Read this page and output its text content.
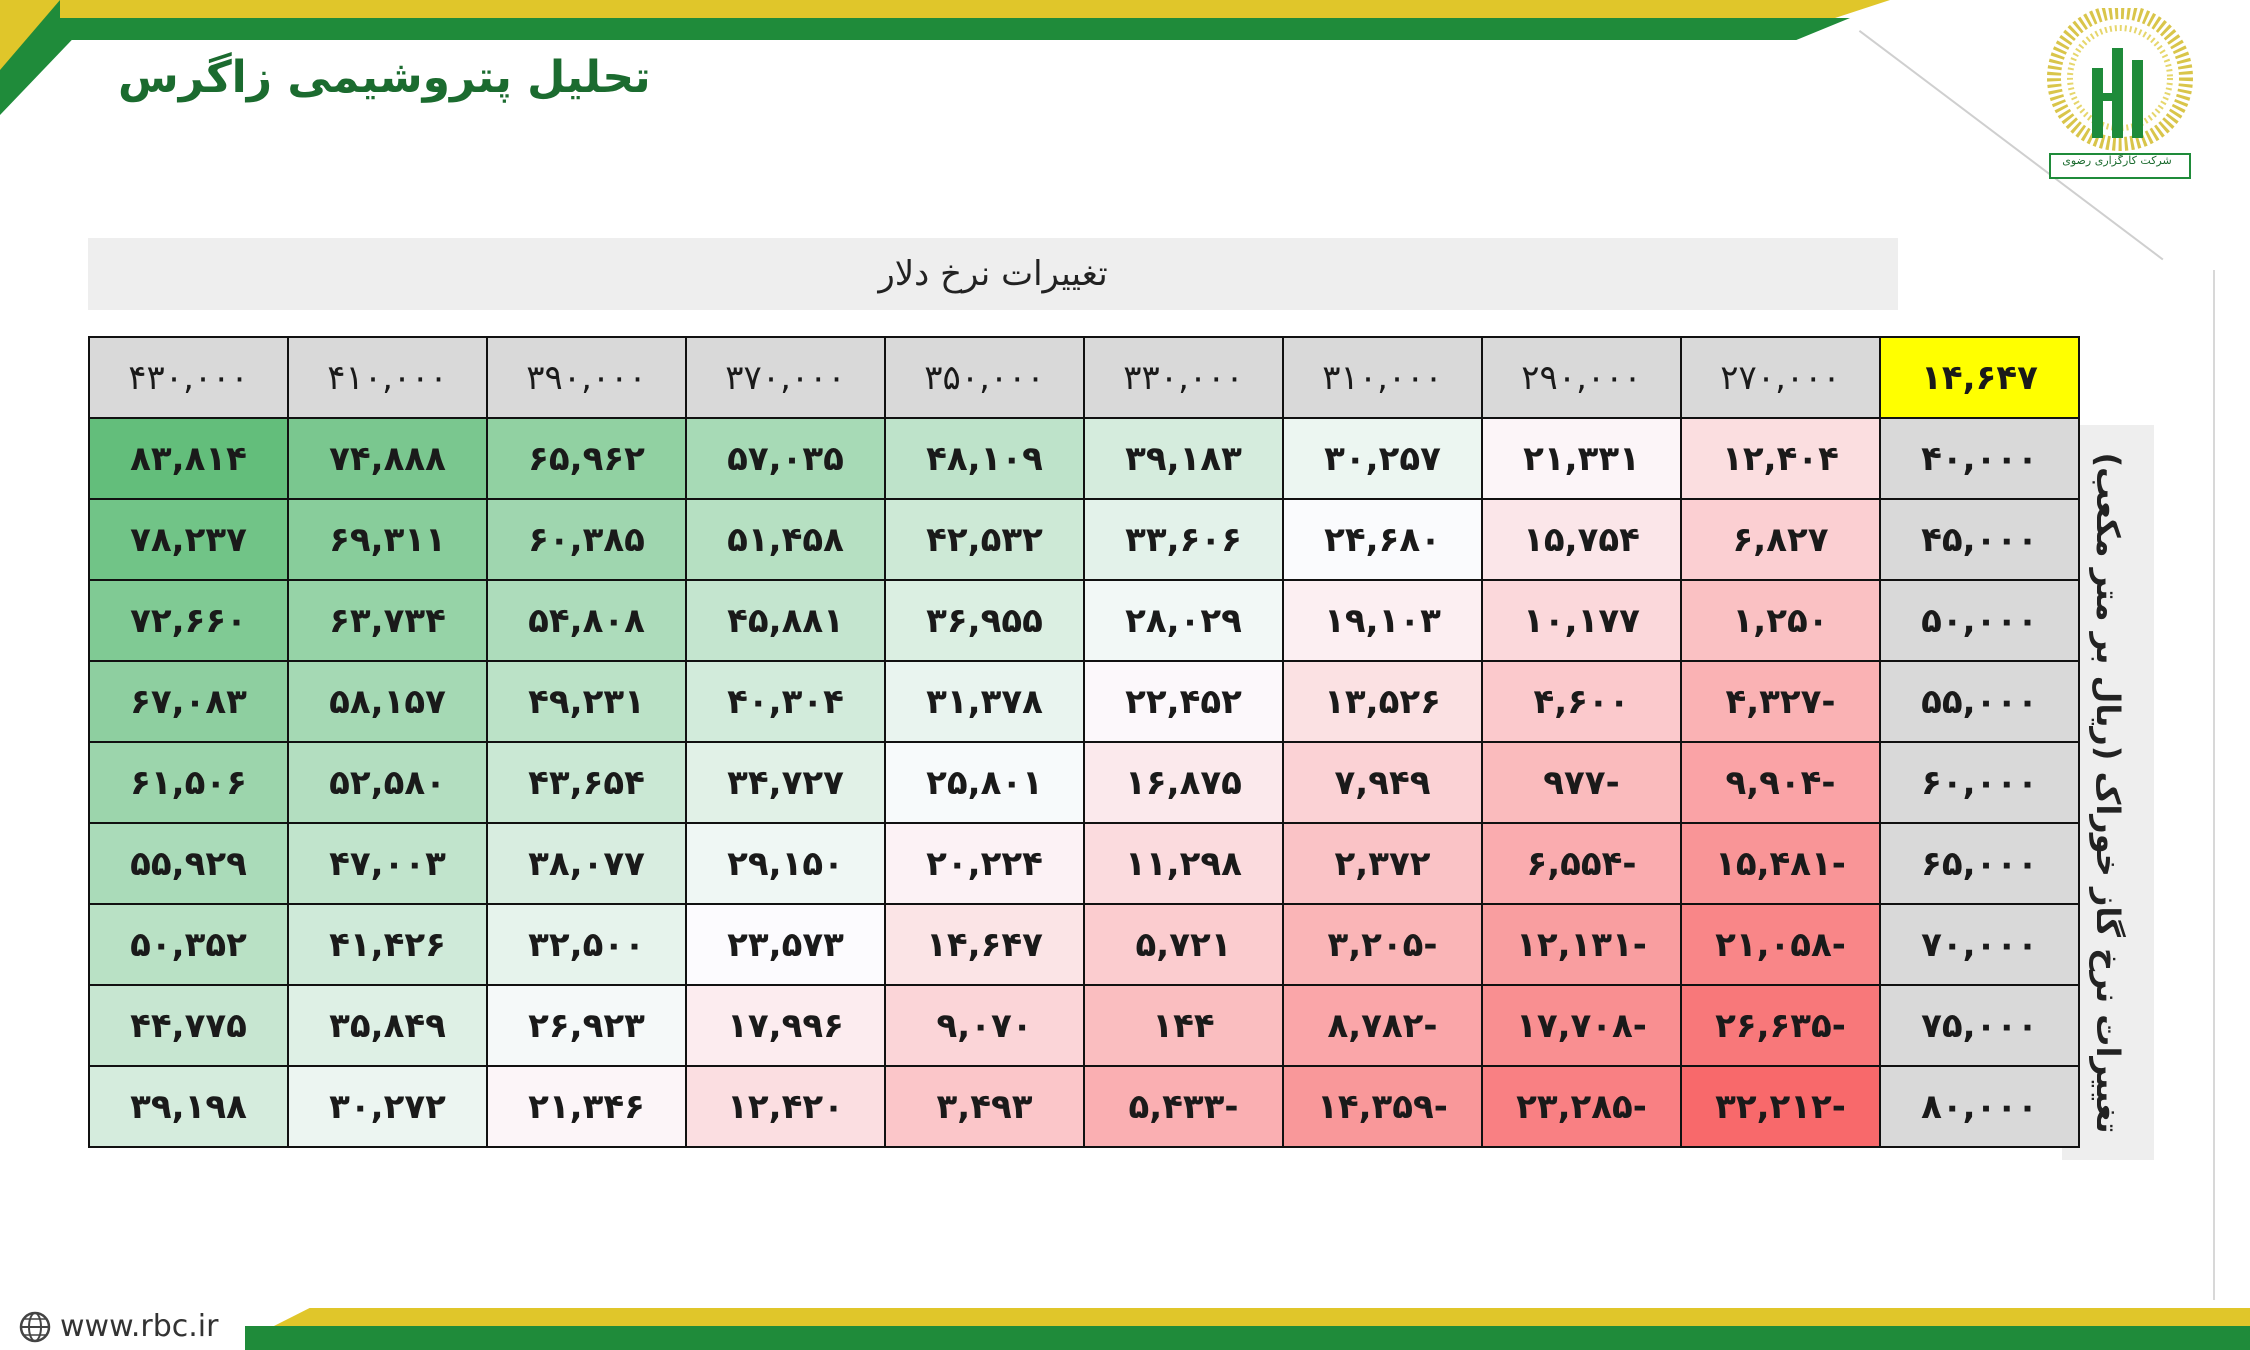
تحلیل پتروشیمی زاگرس
شرکت کارگزاری رضوی
تغییرات نرخ دلار
تغییرات نرخ گاز خوراک (ریال بر متر مکعب)
۱۴,۶۴۷	۲۷۰,۰۰۰	۲۹۰,۰۰۰	۳۱۰,۰۰۰	۳۳۰,۰۰۰	۳۵۰,۰۰۰	۳۷۰,۰۰۰	۳۹۰,۰۰۰	۴۱۰,۰۰۰	۴۳۰,۰۰۰
۴۰,۰۰۰	۱۲,۴۰۴	۲۱,۳۳۱	۳۰,۲۵۷	۳۹,۱۸۳	۴۸,۱۰۹	۵۷,۰۳۵	۶۵,۹۶۲	۷۴,۸۸۸	۸۳,۸۱۴
۴۵,۰۰۰	۶,۸۲۷	۱۵,۷۵۴	۲۴,۶۸۰	۳۳,۶۰۶	۴۲,۵۳۲	۵۱,۴۵۸	۶۰,۳۸۵	۶۹,۳۱۱	۷۸,۲۳۷
۵۰,۰۰۰	۱,۲۵۰	۱۰,۱۷۷	۱۹,۱۰۳	۲۸,۰۲۹	۳۶,۹۵۵	۴۵,۸۸۱	۵۴,۸۰۸	۶۳,۷۳۴	۷۲,۶۶۰
۵۵,۰۰۰	-۴,۳۲۷	۴,۶۰۰	۱۳,۵۲۶	۲۲,۴۵۲	۳۱,۳۷۸	۴۰,۳۰۴	۴۹,۲۳۱	۵۸,۱۵۷	۶۷,۰۸۳
۶۰,۰۰۰	-۹,۹۰۴	-۹۷۷	۷,۹۴۹	۱۶,۸۷۵	۲۵,۸۰۱	۳۴,۷۲۷	۴۳,۶۵۴	۵۲,۵۸۰	۶۱,۵۰۶
۶۵,۰۰۰	-۱۵,۴۸۱	-۶,۵۵۴	۲,۳۷۲	۱۱,۲۹۸	۲۰,۲۲۴	۲۹,۱۵۰	۳۸,۰۷۷	۴۷,۰۰۳	۵۵,۹۲۹
۷۰,۰۰۰	-۲۱,۰۵۸	-۱۲,۱۳۱	-۳,۲۰۵	۵,۷۲۱	۱۴,۶۴۷	۲۳,۵۷۳	۳۲,۵۰۰	۴۱,۴۲۶	۵۰,۳۵۲
۷۵,۰۰۰	-۲۶,۶۳۵	-۱۷,۷۰۸	-۸,۷۸۲	۱۴۴	۹,۰۷۰	۱۷,۹۹۶	۲۶,۹۲۳	۳۵,۸۴۹	۴۴,۷۷۵
۸۰,۰۰۰	-۳۲,۲۱۲	-۲۳,۲۸۵	-۱۴,۳۵۹	-۵,۴۳۳	۳,۴۹۳	۱۲,۴۲۰	۲۱,۳۴۶	۳۰,۲۷۲	۳۹,۱۹۸
www.rbc.ir
